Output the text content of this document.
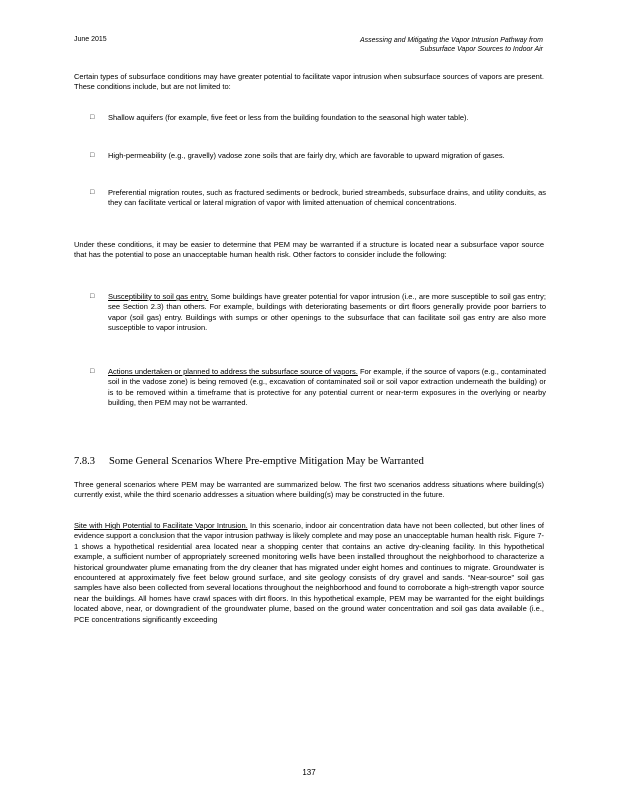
June 2015	Assessing and Mitigating the Vapor Intrusion Pathway from
Subsurface Vapor Sources to Indoor Air

Certain types of subsurface conditions may have greater potential to facilitate vapor intrusion when subsurface sources of vapors are present. These conditions include, but are not limited to:

□ Shallow aquifers (for example, five feet or less from the building foundation to the seasonal high water table).
□ High-permeability (e.g., gravelly) vadose zone soils that are fairly dry, which are favorable to upward migration of gases.
□ Preferential migration routes, such as fractured sediments or bedrock, buried streambeds, subsurface drains, and utility conduits, as they can facilitate vertical or lateral migration of vapor with limited attenuation of chemical concentrations.

Under these conditions, it may be easier to determine that PEM may be warranted if a structure is located near a subsurface vapor source that has the potential to pose an unacceptable human health risk. Other factors to consider include the following:

□ Susceptibility to soil gas entry. Some buildings have greater potential for vapor intrusion (i.e., are more susceptible to soil gas entry; see Section 2.3) than others. For example, buildings with deteriorating basements or dirt floors generally provide poor barriers to vapor (soil gas) entry. Buildings with sumps or other openings to the subsurface that can facilitate soil gas entry are also more susceptible to vapor intrusion.
□ Actions undertaken or planned to address the subsurface source of vapors. For example, if the source of vapors (e.g., contaminated soil in the vadose zone) is being removed (e.g., excavation of contaminated soil or soil vapor extraction underneath the building) or is to be removed within a timeframe that is protective for any potential current or near-term exposures in the overlying or nearby building, then PEM may not be warranted.
7.8.3 Some General Scenarios Where Pre-emptive Mitigation May be Warranted

Three general scenarios where PEM may be warranted are summarized below. The first two scenarios address situations where building(s) currently exist, while the third scenario addresses a situation where building(s) may be constructed in the future.

Site with High Potential to Facilitate Vapor Intrusion. In this scenario, indoor air concentration data have not been collected, but other lines of evidence support a conclusion that the vapor intrusion pathway is likely complete and may pose an unacceptable human health risk. Figure 7-1 shows a hypothetical residential area located near a shopping center that contains an active dry-cleaning facility. In this hypothetical example, a sufficient number of appropriately screened monitoring wells have been installed throughout the neighborhood to characterize a historical groundwater plume emanating from the dry cleaner that has migrated under eight homes and continues to migrate. Groundwater is encountered at approximately five feet below ground surface, and site geology consists of dry gravel and sands. “Near-source” soil gas samples have also been collected from several locations throughout the neighborhood and found to corroborate a high-strength vapor source near the buildings. All homes have crawl spaces with dirt floors. In this hypothetical example, PEM may be warranted for the eight buildings located above, near, or downgradient of the groundwater plume, based on the ground water concentration and soil gas data available (i.e., PCE concentrations significantly exceeding

137
